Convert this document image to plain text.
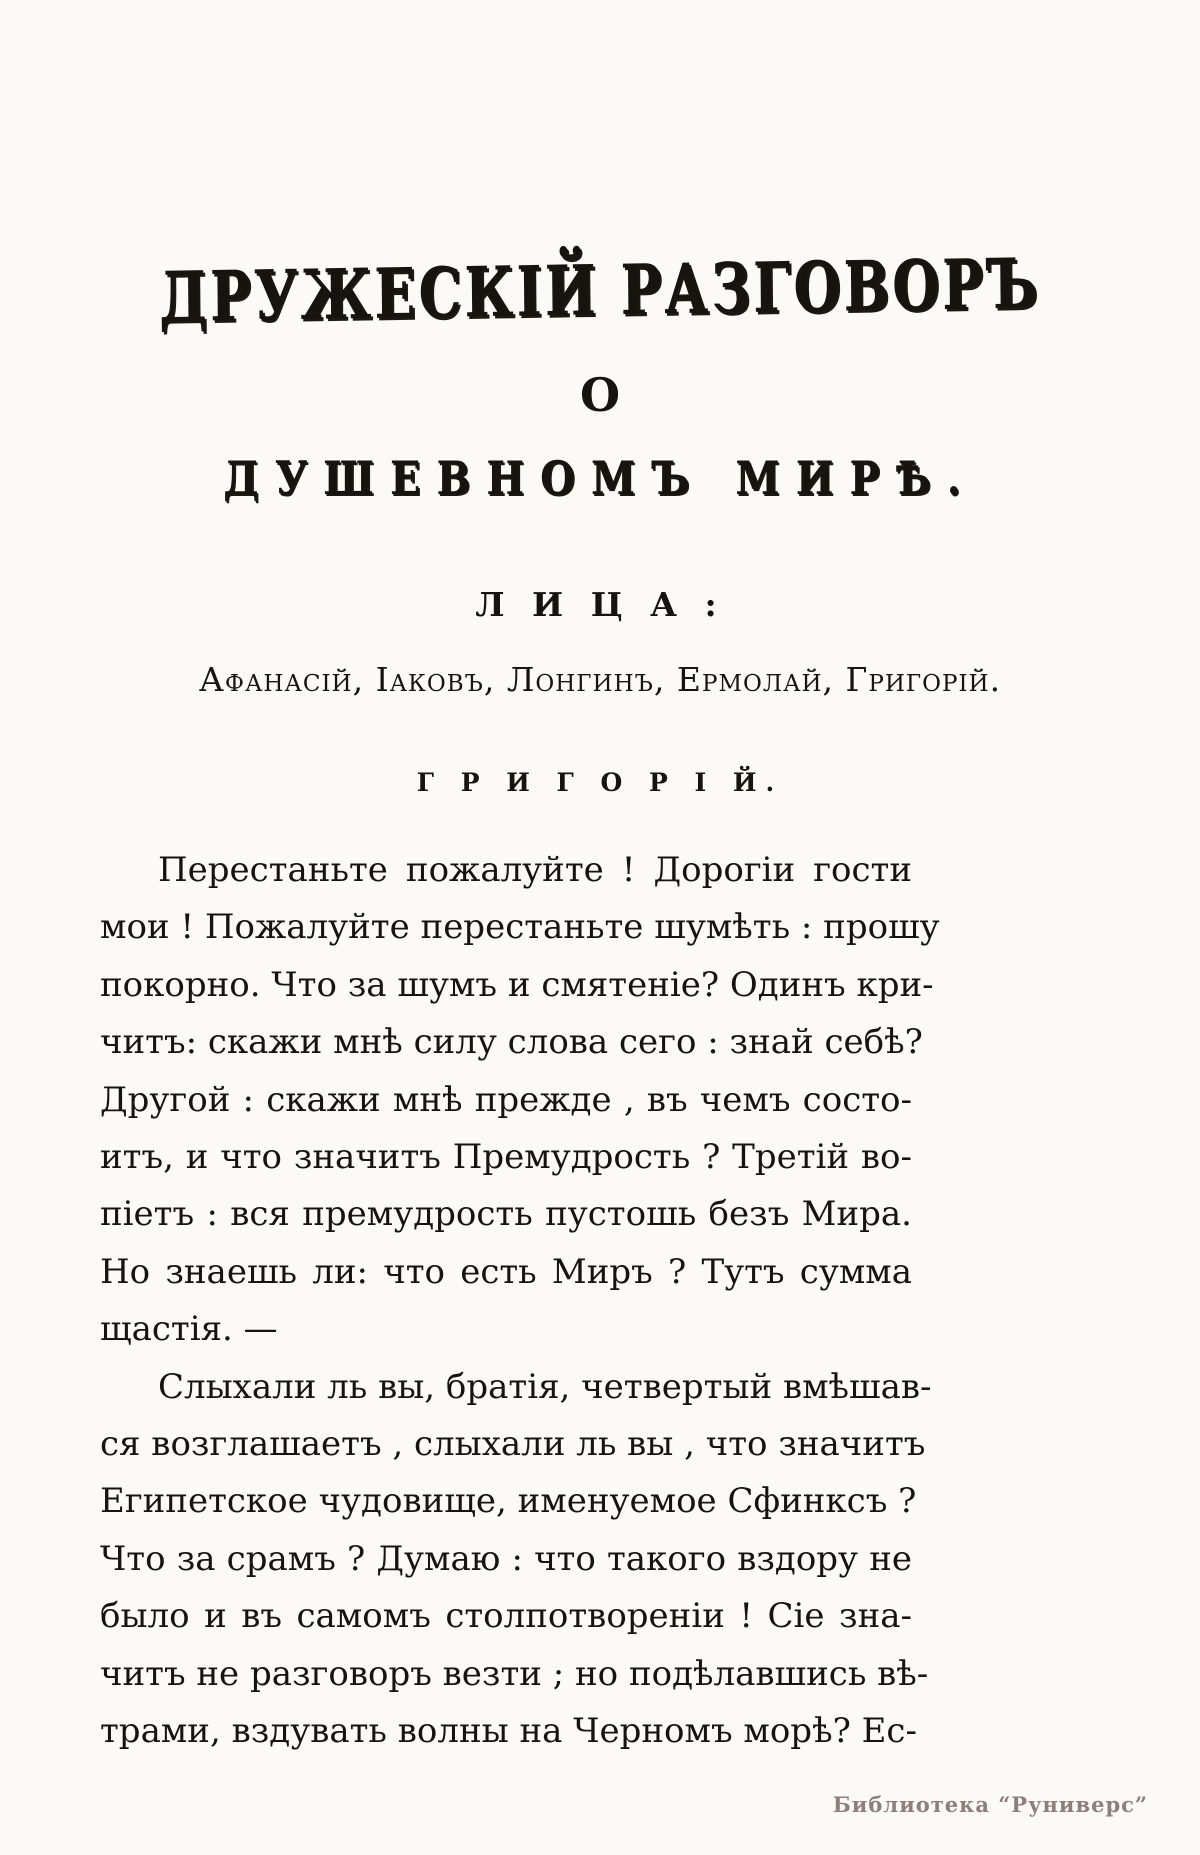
ДРУЖЕСКІЙ РАЗГОВОРЪ
О
ДУШЕВНОМЪ МИРѢ.
Л И Ц А :
Афанасій, Іаковъ, Лонгинъ, Ермолай, Григорій.
Г Р И Г О Р І Й.
Перестаньте пожалуйте ! Дорогіи гости
мои ! Пожалуйте перестаньте шумѣть : прошу
покорно. Что за шумъ и смятеніе? Одинъ кри-
читъ: скажи мнѣ силу слова сего : знай себѣ?
Другой : скажи мнѣ прежде , въ чемъ состо-
итъ, и что значитъ Премудрость ? Третій во-
піетъ : вся премудрость пустошь безъ Мира.
Но знаешь ли: что есть Миръ ? Тутъ сумма
щастія. —
Слыхали ль вы, братія, четвертый вмѣшав-
ся возглашаетъ , слыхали ль вы , что значитъ
Египетское чудовище, именуемое Сфинксъ ?
Что за срамъ ? Думаю : что такого вздору не
было и въ самомъ столпотвореніи ! Сіе зна-
читъ не разговоръ везти ; но подѣлавшись вѣ-
трами, вздувать волны на Черномъ морѣ? Ес-
Библиотека “Руниверс”
